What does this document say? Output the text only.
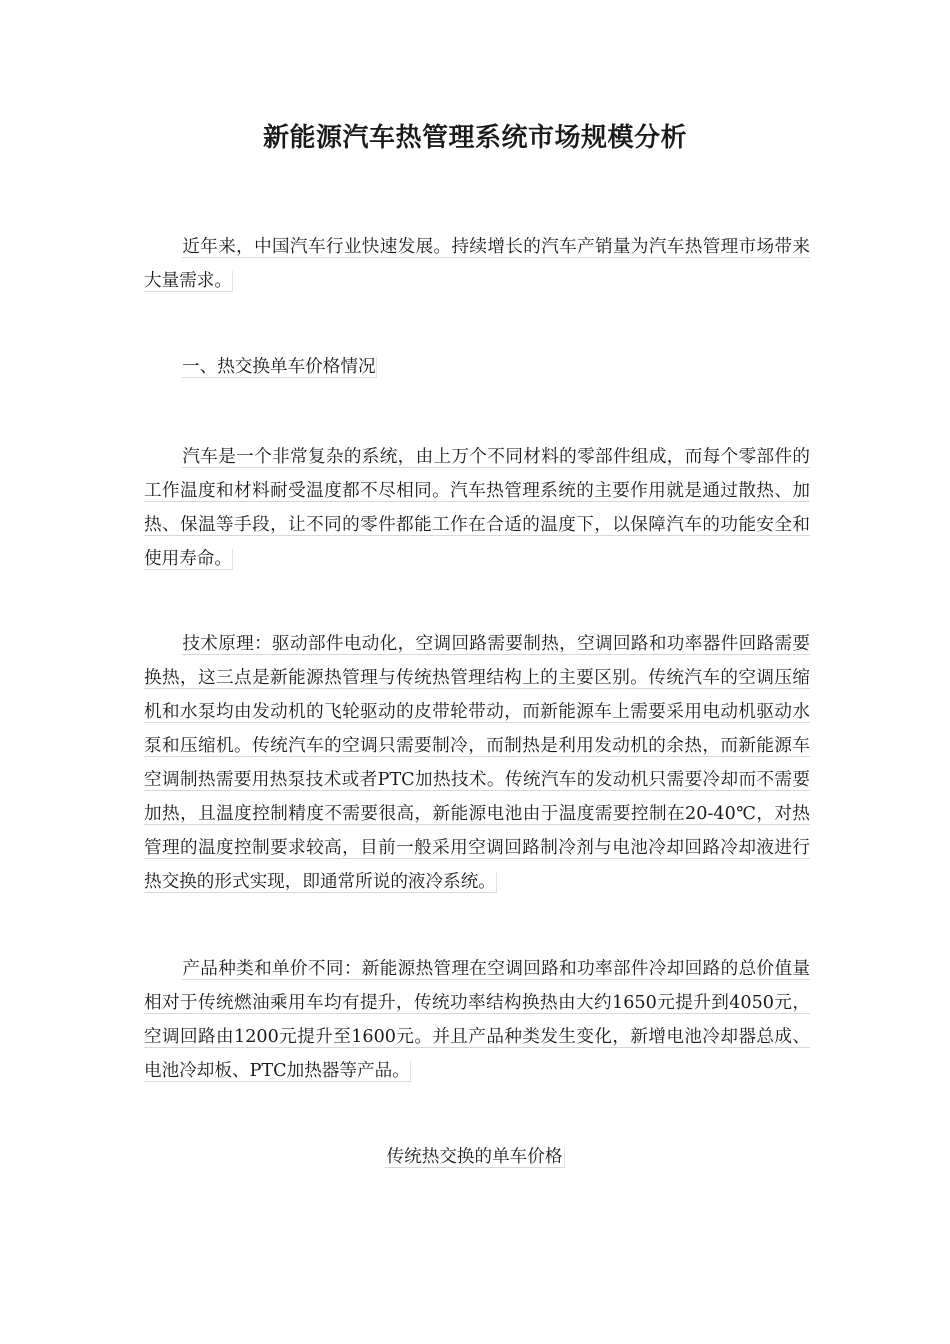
新能源汽车热管理系统市场规模分析

近年来，中国汽车行业快速发展。持续增长的汽车产销量为汽车热管理市场带来大量需求。

一、热交换单车价格情况

汽车是一个非常复杂的系统，由上万个不同材料的零部件组成，而每个零部件的工作温度和材料耐受温度都不尽相同。汽车热管理系统的主要作用就是通过散热、加热、保温等手段，让不同的零件都能工作在合适的温度下，以保障汽车的功能安全和使用寿命。

技术原理：驱动部件电动化，空调回路需要制热，空调回路和功率器件回路需要换热，这三点是新能源热管理与传统热管理结构上的主要区别。传统汽车的空调压缩机和水泵均由发动机的飞轮驱动的皮带轮带动，而新能源车上需要采用电动机驱动水泵和压缩机。传统汽车的空调只需要制冷，而制热是利用发动机的余热，而新能源车空调制热需要用热泵技术或者PTC加热技术。传统汽车的发动机只需要冷却而不需要加热，且温度控制精度不需要很高，新能源电池由于温度需要控制在20-40℃，对热管理的温度控制要求较高，目前一般采用空调回路制冷剂与电池冷却回路冷却液进行热交换的形式实现，即通常所说的液冷系统。

产品种类和单价不同：新能源热管理在空调回路和功率部件冷却回路的总价值量相对于传统燃油乘用车均有提升，传统功率结构换热由大约1650元提升到4050元，空调回路由1200元提升至1600元。并且产品种类发生变化，新增电池冷却器总成、电池冷却板、PTC加热器等产品。

传统热交换的单车价格
